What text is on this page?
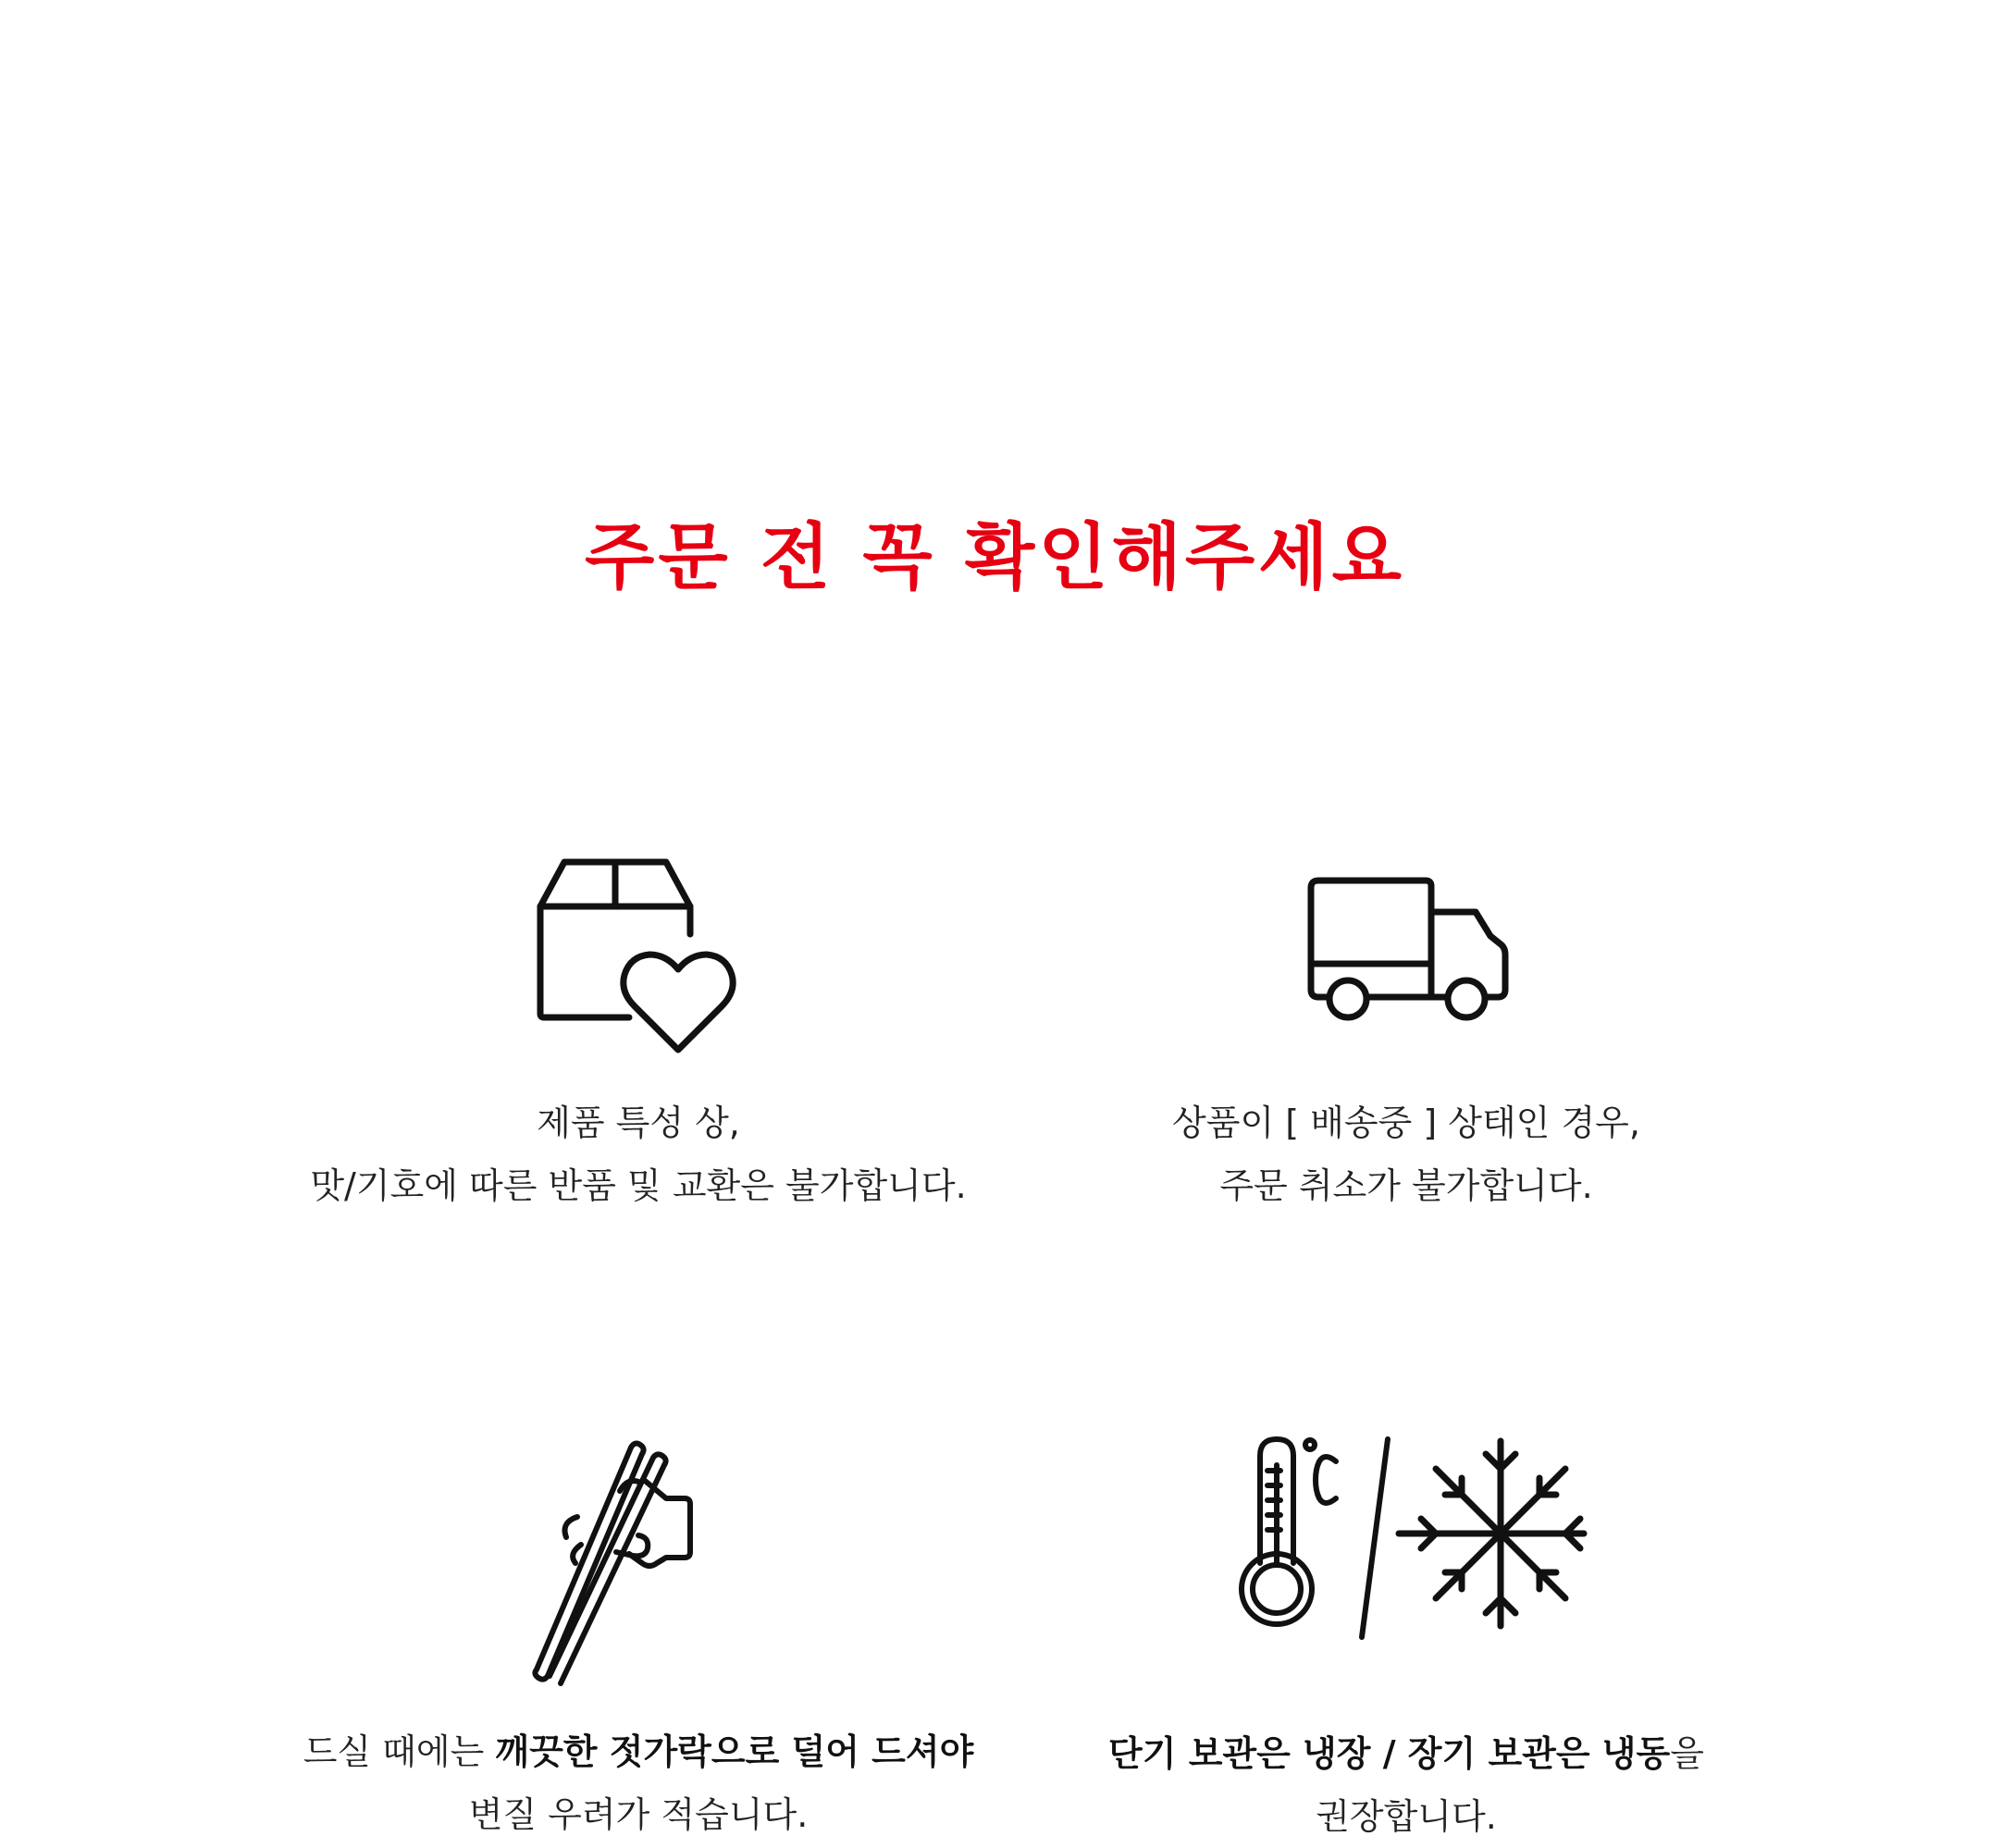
주문 전 꼭 확인해주세요
제품 특성 상,
맛/기호에 따른 반품 및 교환은 불가합니다.
상품이 [ 배송중 ] 상태인 경우,
주문 취소가 불가합니다.
드실 때에는 깨끗한 젓가락으로 덜어 드셔야
변질 우려가 적습니다.
단기 보관은 냉장 / 장기 보관은 냉동을
권장합니다.
